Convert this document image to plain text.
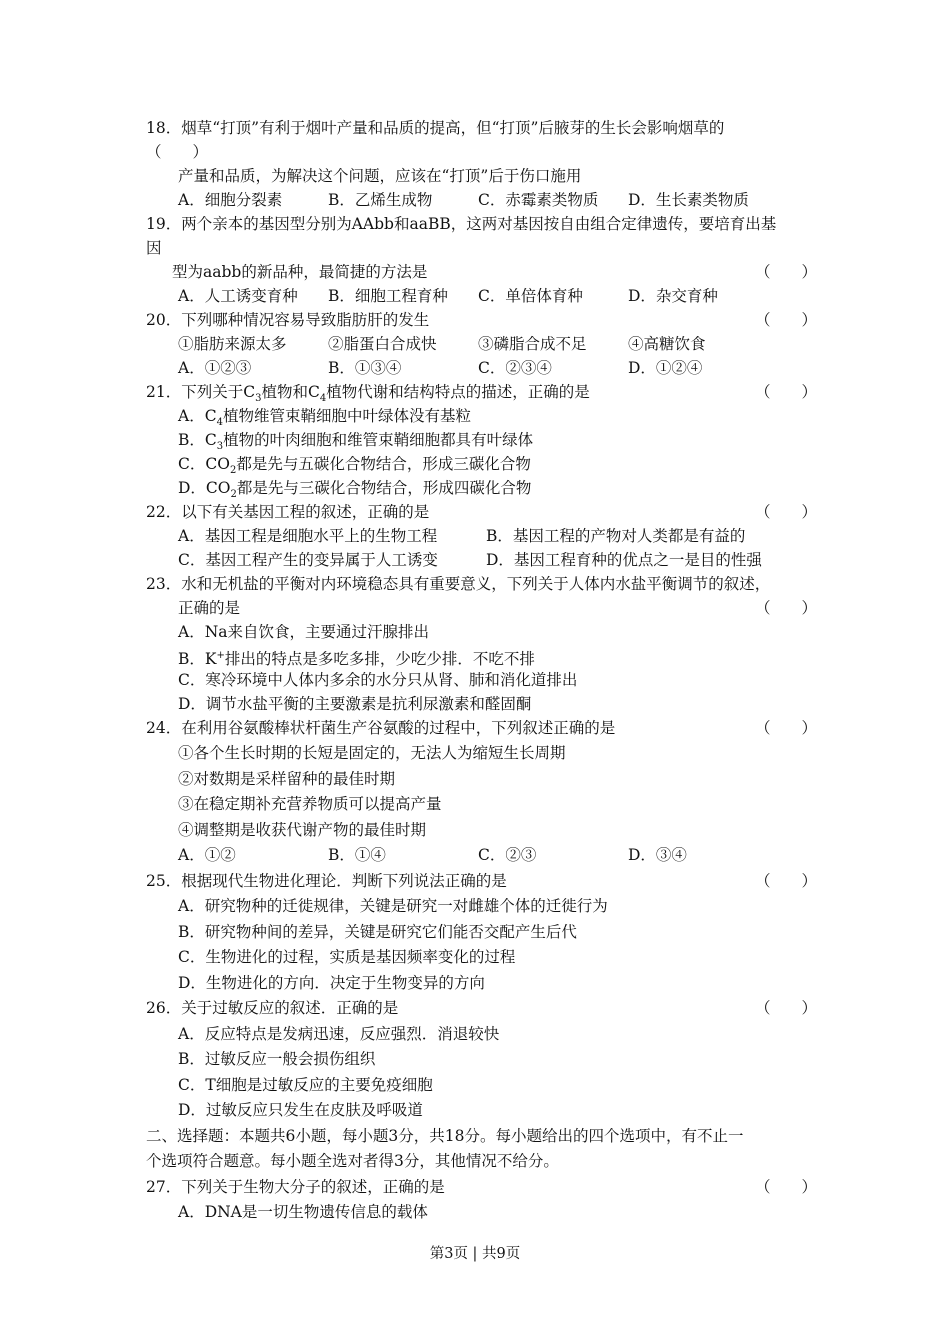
18．烟草“打顶”有利于烟叶产量和品质的提高，但“打顶”后腋芽的生长会影响烟草的
（　　）
产量和品质，为解决这个问题，应该在“打顶”后于伤口施用
A．细胞分裂素	B．乙烯生成物	C．赤霉素类物质 D．生长素类物质
19．两个亲本的基因型分别为AAbb和aaBB，这两对基因按自由组合定律遗传，要培育出基
因
型为aabb的新品种，最简捷的方法是	（　　）
A．人工诱变育种 B．细胞工程育种 C．单倍体育种	D．杂交育种
20．下列哪种情况容易导致脂肪肝的发生	（　　）
①脂肪来源太多	②脂蛋白合成快	③磷脂合成不足	④高糖饮食
A．①②③	B．①③④	C．②③④	D．①②④
21．下列关于$C_3$植物和$C_4$植物代谢和结构特点的描述，正确的是	（　　）
A．$C_4$植物维管束鞘细胞中叶绿体没有基粒
B．$C_3$植物的叶肉细胞和维管束鞘细胞都具有叶绿体
C．$CO_2$都是先与五碳化合物结合，形成三碳化合物
D．$CO_2$都是先与三碳化合物结合，形成四碳化合物
22．以下有关基因工程的叙述，正确的是	（　　）
A．基因工程是细胞水平上的生物工程	B．基因工程的产物对人类都是有益的
C．基因工程产生的变异属于人工诱变	D．基因工程育种的优点之一是目的性强
23．水和无机盐的平衡对内环境稳态具有重要意义，下列关于人体内水盐平衡调节的叙述，
正确的是	（　　）
A．Na来自饮食，主要通过汗腺排出
B．K+排出的特点是多吃多排，少吃少排．不吃不排
C．寒冷环境中人体内多余的水分只从肾、肺和消化道排出
D．调节水盐平衡的主要激素是抗利尿激素和醛固酮
24．在利用谷氨酸棒状杆菌生产谷氨酸的过程中，下列叙述正确的是	（　　）
①各个生长时期的长短是固定的，无法人为缩短生长周期
②对数期是采样留种的最佳时期
③在稳定期补充营养物质可以提高产量
④调整期是收获代谢产物的最佳时期
A．①②	B．①④	C．②③	D．③④
25．根据现代生物进化理论．判断下列说法正确的是	（　　）
A．研究物种的迁徙规律，关键是研究一对雌雄个体的迁徙行为
B．研究物种间的差异，关键是研究它们能否交配产生后代
C．生物进化的过程，实质是基因频率变化的过程
D．生物进化的方向．决定于生物变异的方向
26．关于过敏反应的叙述．正确的是	（　　）
A．反应特点是发病迅速，反应强烈．消退较快
B．过敏反应一般会损伤组织
C．T细胞是过敏反应的主要免疫细胞
D．过敏反应只发生在皮肤及呼吸道
二、选择题：本题共6小题，每小题3分，共18分。每小题给出的四个选项中，有不止一
个选项符合题意。每小题全选对者得3分，其他情况不给分。
27．下列关于生物大分子的叙述，正确的是	（　　）
A．DNA是一切生物遗传信息的载体
第3页 | 共9页
